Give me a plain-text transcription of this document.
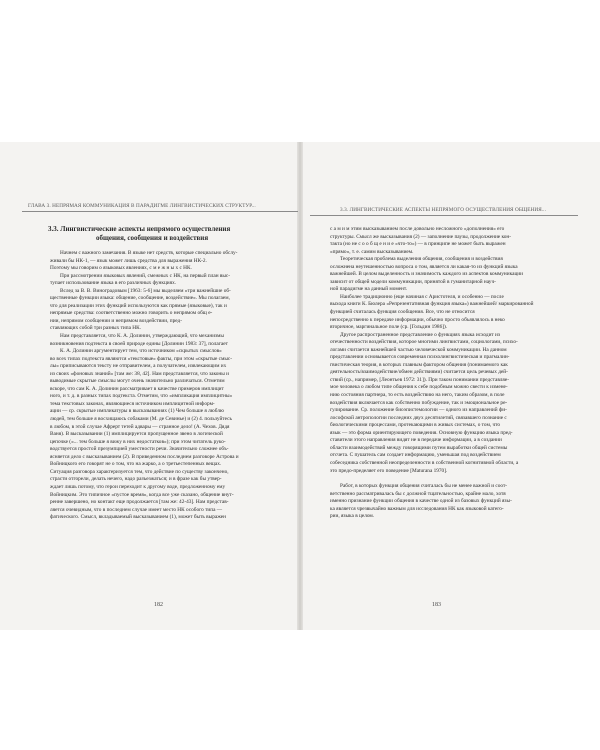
ГЛАВА 3. НЕПРЯМАЯ КОММУНИКАЦИЯ В ПАРАДИГМЕ ЛИНГВИСТИЧЕСКИХ СТРУКТУР...
3.3. Лингвистические аспекты непрямого осуществления
общения, сообщения и воздействия
Начнем с важного замечания. В языке нет средств, которые специально обслу-
живали бы НК-1, — язык может лишь средства для выражения НК-2.
Поэтому мы говорим о языковых явлениях, с м е ж н ы х с НК.
При рассмотрении языковых явлений, смежных с НК, на первый план выс-
тупает использование языка в его различных функциях.
Вслед за В. В. Виноградовым [1963: 5-6] мы выделяем «три важнейшие об-
щественные функции языка: общение, сообщение, воздействие». Мы полагаем,
что для реализации этих функций используются как прямые (языковые), так и
непрямые средства: соответственно можно говорить о непрямом общ е-
нии, непрямом сообщении и непрямом воздействии, пред-
ставляющих собой три разных типа НК.
Нам представляется, что К. А. Долинин, утверждающий, что механизмы
возникновения подтекста в своей природе едины [Долинин 1983: 37], полагает
К. А. Долинин аргументирует тем, что источником «скрытых смыслов»
во всех типах подтекста являются «текстовые» факты, при этом «скрытые смыс-
лы» приписываются тексту не отправителем, а получателем, извлекающим их
из своих «фоновых знаний» [там же: 38, 42]. Нам представляется, что законы и
выводимые скрытые смыслы могут очень значительно различаться. Отметим
вскоре, что сам К. А. Долинин рассматривает в качестве примеров имплицит
ного, и т. д. в разных типах подтекста. Отметим, что «импликация имплицитны»
тема текстовых законах, являющиеся источником имплицитной информ-
ации — ср. скрытые импликатуры в высказываниях (1) Чем больше я люблю
людей, тем больше я восхищаюсь собаками (М. де Севинье) и (2) 4. пользуйтесь
в любом, в этой случае Афрерт тетей адвары — странное дело! (А. Чехов. Дядя
Ваня). В высказывании (1) имплицируется пропущенное звено в логической
цепочке («... тем больше я вижу в них недостатков»); при этом читатель руко-
водствуется простой презумпцией уместности речи. Значительно сложнее объ-
ясняется дело с высказыванием (2). В приведенном последнем разговоре Астрова и
Войницкого его говорят не о том, что на жарко, а о третьестепенных вещах.
Ситуация разговора характеризуется тем, что действие по существу закончено,
страсти отгорели, делать нечего, надо разъезжаться; и в фразе как бы утвер-
ждает лишь потому, что герои переходит к другому воде, предложенному ему
Войницким. Это типичное «пустое время», когда все уже сказано, общение внут-
ренне завершено, но контакт еще продолжается [там же: 42-43]. Нам представ-
ляется очевидным, что в последнем случае имеет место НК особого типа —
фатического. Смысл, вкладываемый высказыванием (1), может быть выражен
182
3.3. ЛИНГВИСТИЧЕСКИЕ АСПЕКТЫ НЕПРЯМОГО ОСУЩЕСТВЛЕНИЯ ОБЩЕНИЯ...
с а м и м этим высказыванием после довольно несложного «дополнения» его
структуры. Смысл же высказывания (2) — заполнение паузы, продолжение кон-
такта (но не с о о б щ е н и е «что-то») — в принципе не может быть выражен
«прямо», т. е. самим высказыванием.
Теоретическая проблема выделения общения, сообщения и воздействия
осложнена неутешенностью вопроса о том, является ли какая-то из функций языка
важнейшей. В целом выделенность и значимость каждого из аспектов коммуникации
зависит от общей модели коммуникации, принятой в гуманитарной науч-
ной парадигме на данный момент.
Наиболее традиционно (еще начиная с Аристотеля, и особенно — после
выхода книги К. Бюлера «Репрезентативная функция языка») важнейшей/ маркированной
функцией считалась функция сообщения. Все, что не относится
непосредственно к передаче информации, обычно просто объявлялось в неко
вторичное, маргинальное поле (ср. [Гольдин 1986]).
Другое распространенное представление о функциях языка исходит из
отечественности воздействия, которое многими лингвистами, социологами, психо-
логами считается важнейшей частью человеческой коммуникации. На данном
представлении основывается современная психолингвистическая и прагмалин-
гвистическая теория, в которых главным фактором общения (понимаемого как
деятельность/взаимодействие/обмен действиями) считается цель речевых дей-
ствий (ср., например, [Леонтьев 1972: 31]). При таком понимании представляе-
мое человека о любом типе общения к себе подобным можно свести к измене-
нию состояния партнера, то есть воздействию на него, таким образом, в поле
воздействия включается как собственно побуждение, так и эмоциональное ре-
гулирование. Ср. положение биоэпистемологии — одного из направлений фи-
лософской антропологии последних двух десятилетий, связавшего познание с
биологическими процессами, протекающими в живых системах, о том, что
язык — это форма ориентирующего поведения. Основную функцию языка пред-
ставители этого направления видят не в передаче информации, а в создании
области взаимодействий между говорящими путем выработки общей системы
отсчета. С пушатель сам создает информацию, уменьшая под воздействием
собеседника собственной неопределенности в собственной когнитивной области, а
это предо-пределяет его поведение [Maturana 1970].
Работ, в которых функция общения считалась бы не менее важной и соот-
ветственно рассматривалась бы с должной тщательностью, крайне мало, хотя
именно признание функции общения в качестве одной из базовых функций язы-
ка является чрезвычайно важным для исследования НК как языковой катего-
рии, языка в целом.
183
